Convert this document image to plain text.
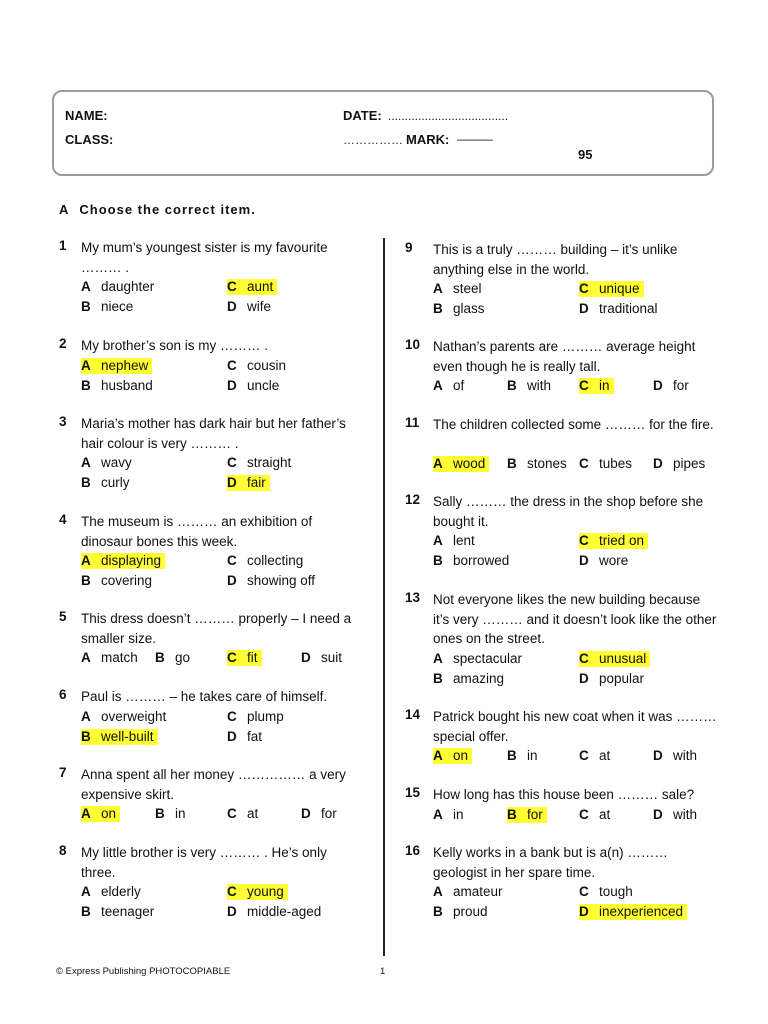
NAME:
CLASS:
DATE: ....................................
…………… MARK: ―――
95
A Choose the correct item.
1	My mum’s youngest sister is my favourite ……… .
A daughter	C aunt
B niece	D wife
2	My brother’s son is my ……… .
A nephew	C cousin
B husband	D uncle
3	Maria’s mother has dark hair but her father’s hair colour is very ……… .
A wavy	C straight
B curly	D fair
4	The museum is ……… an exhibition of dinosaur bones this week.
A displaying	C collecting
B covering	D showing off
5	This dress doesn’t ……… properly – I need a smaller size.
A match B go	C fit	D suit
6	Paul is ……… – he takes care of himself.
A overweight	C plump
B well-built	D fat
7	Anna spent all her money …………… a very expensive skirt.
A on	B in	C at	D for
8	My little brother is very ……… . He’s only three.
A elderly	C young
B teenager	D middle-aged
9	This is a truly ……… building – it’s unlike anything else in the world.
A steel	C unique
B glass	D traditional
10 Nathan’s parents are ……… average height even though he is really tall.
A of	B with C in	D for
11	The children collected some ……… for the fire.
A wood B stones C tubes D pipes
12 Sally ……… the dress in the shop before she bought it.
A lent	C tried on
B borrowed	D wore
13 Not everyone likes the new building because it’s very ……… and it doesn’t look like the other ones on the street.
A spectacular	C unusual
B amazing	D popular
14 Patrick bought his new coat when it was ……… special offer.
A on	B in	C at	D with
15 How long has this house been ……… sale?
A in	B for	C at	D with
16 Kelly works in a bank but is a(n) ……… geologist in her spare time.
A amateur	C tough
B proud	D inexperienced
© Express Publishing PHOTOCOPIABLE	1
